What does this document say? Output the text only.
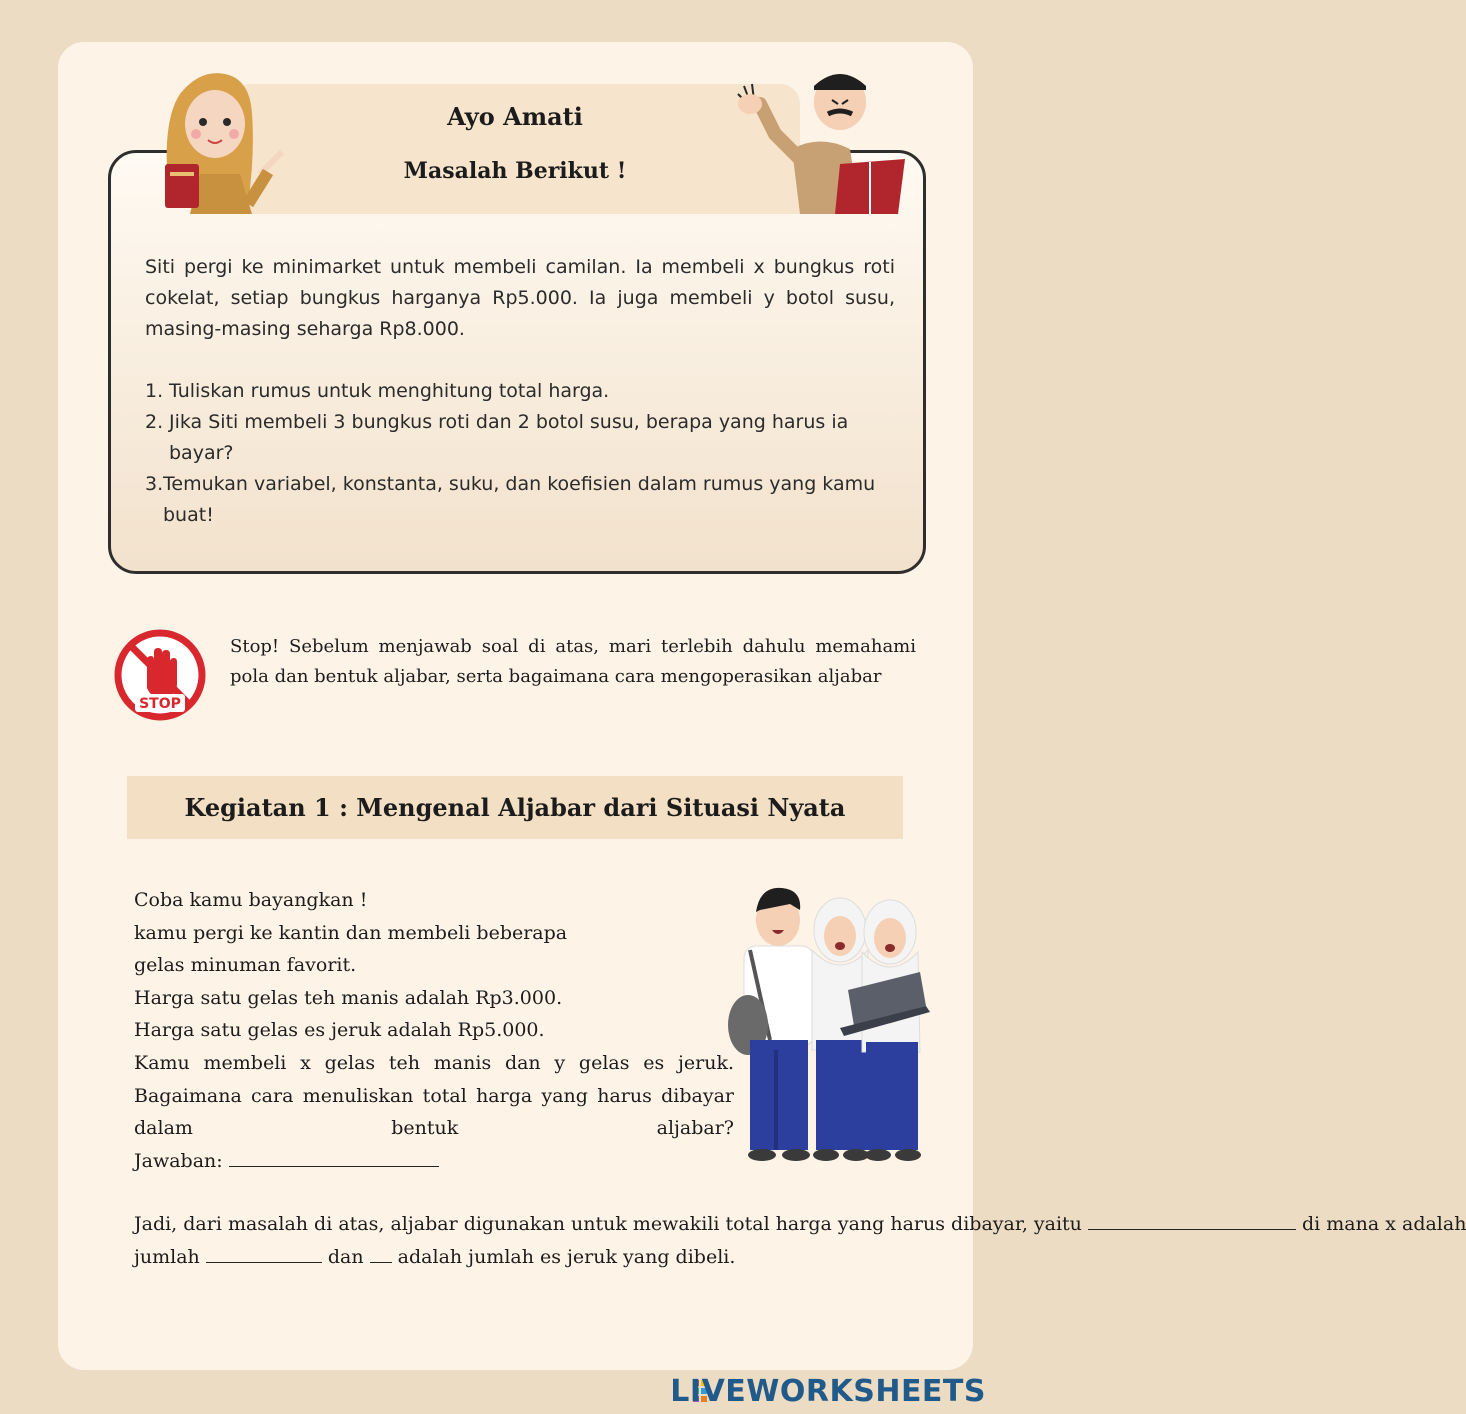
Ayo Amati
Masalah Berikut !

Siti pergi ke minimarket untuk membeli camilan. Ia membeli x bungkus roti cokelat, setiap bungkus harganya Rp5.000. Ia juga membeli y botol susu, masing-masing seharga Rp8.000.

1. Tuliskan rumus untuk menghitung total harga.
2. Jika Siti membeli 3 bungkus roti dan 2 botol susu, berapa yang harus ia bayar?
3. Temukan variabel, konstanta, suku, dan koefisien dalam rumus yang kamu buat!
STOP
Stop! Sebelum menjawab soal di atas, mari terlebih dahulu memahami pola dan bentuk aljabar, serta bagaimana cara mengoperasikan aljabar
Kegiatan 1 : Mengenal Aljabar dari Situasi Nyata
Coba kamu bayangkan !
kamu pergi ke kantin dan membeli beberapa
gelas minuman favorit.
Harga satu gelas teh manis adalah Rp3.000.
Harga satu gelas es jeruk adalah Rp5.000.
Kamu membeli x gelas teh manis dan y gelas es jeruk. Bagaimana cara menuliskan total harga yang harus dibayar dalam bentuk aljabar?
Jawaban:
Jadi, dari masalah di atas, aljabar digunakan untuk mewakili total harga yang harus dibayar, yaitu	di mana x adalah
jumlah	dan  adalah jumlah es jeruk yang dibeli.
LIVEWORKSHEETS
